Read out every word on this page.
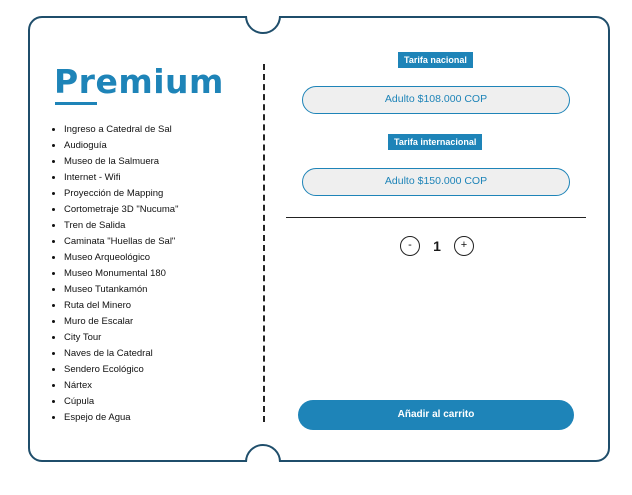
Premium
• Ingreso a Catedral de Sal
• Audioguía
• Museo de la Salmuera
• Internet - Wifi
• Proyección de Mapping
• Cortometraje 3D "Nucuma"
• Tren de Salida
• Caminata "Huellas de Sal"
• Museo Arqueológico
• Museo Monumental 180
• Museo Tutankamón
• Ruta del Minero
• Muro de Escalar
• City Tour
• Naves de la Catedral
• Sendero Ecológico
• Nártex
• Cúpula
• Espejo de Agua
Tarifa nacional
Adulto $108.000 COP
Tarifa internacional
Adulto $150.000 COP
-	1	+
Añadir al carrito
